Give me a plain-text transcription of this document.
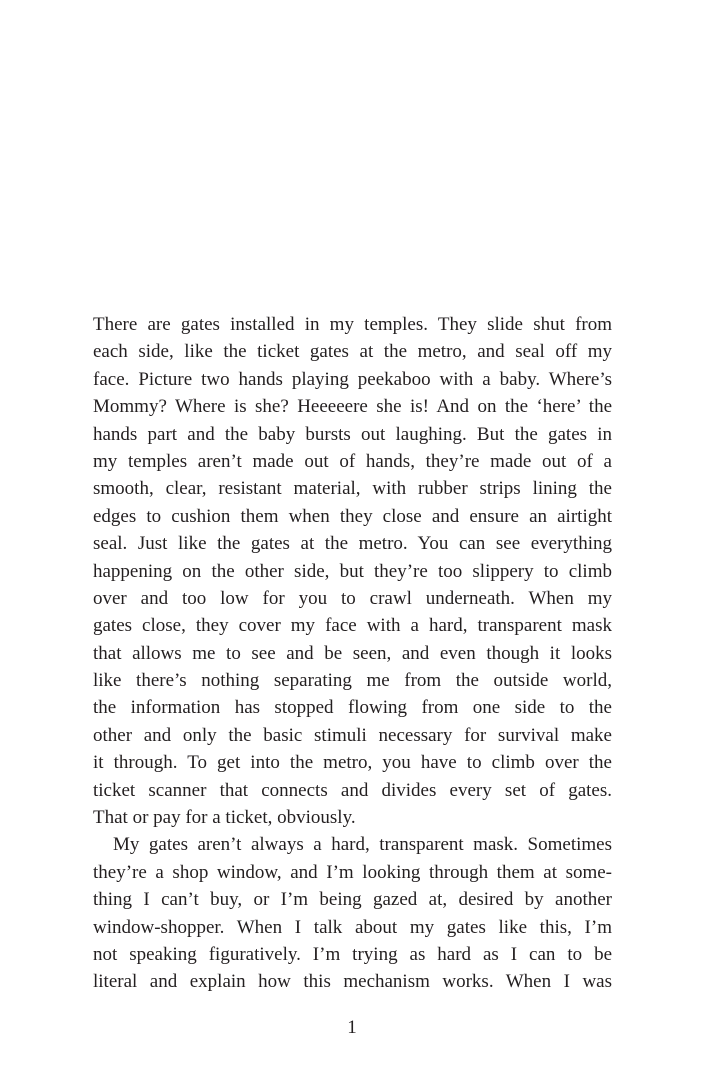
There are gates installed in my temples. They slide shut from
each side, like the ticket gates at the metro, and seal off my
face. Picture two hands playing peekaboo with a baby. Where’s
Mommy? Where is she? Heeeeere she is! And on the ‘here’ the
hands part and the baby bursts out laughing. But the gates in
my temples aren’t made out of hands, they’re made out of a
smooth, clear, resistant material, with rubber strips lining the
edges to cushion them when they close and ensure an airtight
seal. Just like the gates at the metro. You can see everything
happening on the other side, but they’re too slippery to climb
over and too low for you to crawl underneath. When my
gates close, they cover my face with a hard, transparent mask
that allows me to see and be seen, and even though it looks
like there’s nothing separating me from the outside world,
the information has stopped flowing from one side to the
other and only the basic stimuli necessary for survival make
it through. To get into the metro, you have to climb over the
ticket scanner that connects and divides every set of gates.
That or pay for a ticket, obviously.
My gates aren’t always a hard, transparent mask. Sometimes
they’re a shop window, and I’m looking through them at some-
thing I can’t buy, or I’m being gazed at, desired by another
window-shopper. When I talk about my gates like this, I’m
not speaking figuratively. I’m trying as hard as I can to be
literal and explain how this mechanism works. When I was
1
